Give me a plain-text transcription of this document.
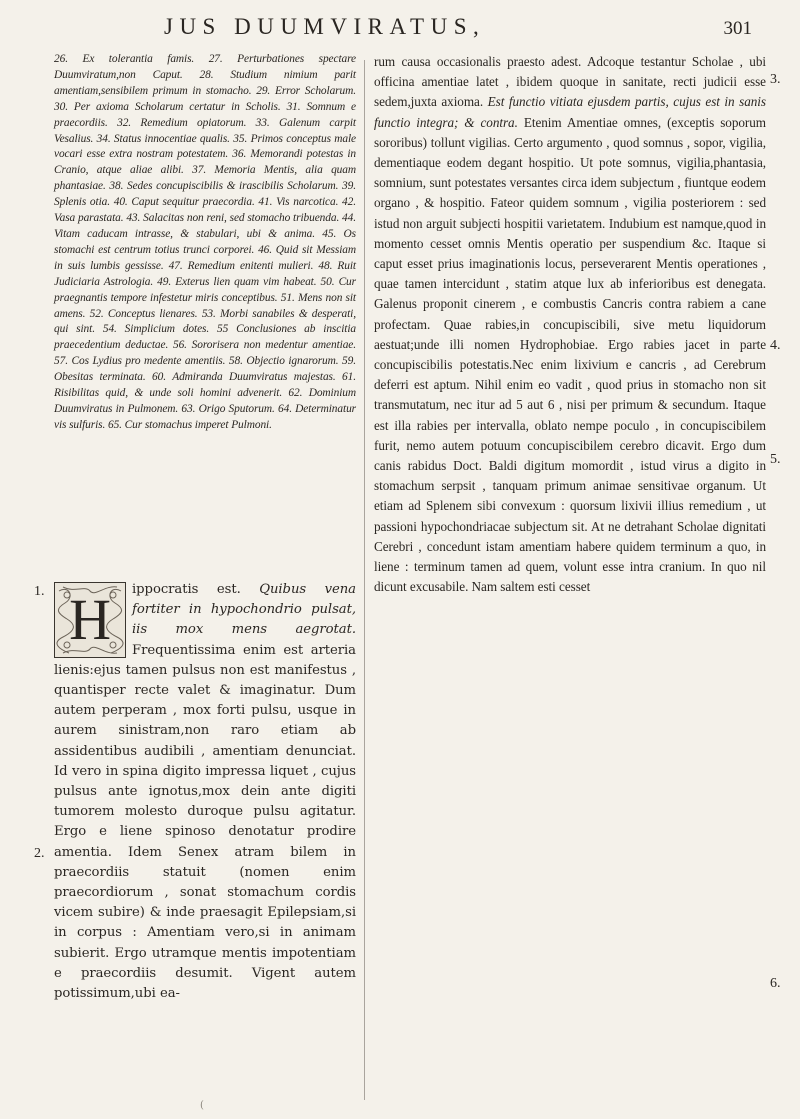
JUS DUUMVIRATUS,	301

26. Ex tolerantia famis. 27. Perturbationes spectare Duumviratum,non Caput. 28. Studium nimium parit amentiam,sensibilem primum in stomacho. 29. Error Scholarum. 30. Per axioma Scholarum certatur in Scholis. 31. Somnum e praecordiis. 32. Remedium opiatorum. 33. Galenum carpit Vesalius. 34. Status innocentiae qualis. 35. Primos conceptus male vocari esse extra nostram potestatem. 36. Memorandi potestas in Cranio, atque aliae alibi. 37. Memoria Mentis, alia quam phantasiae. 38. Sedes concupiscibilis & irascibilis Scholarum. 39. Splenis otia. 40. Caput sequitur praecordia. 41. Vis narcotica. 42. Vasa parastata. 43. Salacitas non reni, sed stomacho tribuenda. 44. Vitam caducam intrasse, & stabulari, ubi & anima. 45. Os stomachi est centrum totius trunci corporei. 46. Quid sit Messiam in suis lumbis gessisse. 47. Remedium enitenti mulieri. 48. Ruit Judiciaria Astrologia. 49. Exterus lien quam vim habeat. 50. Cur praegnantis tempore infestetur miris conceptibus. 51. Mens non sit amens. 52. Conceptus lienares. 53. Morbi sanabiles & desperati, qui sint. 54. Simplicium dotes. 55 Conclusiones ab inscitia praecedentium deductae. 56. Sororisera non medentur amentiae. 57. Cos Lydius pro medente amentiis. 58. Objectio ignarorum. 59. Obesitas terminata. 60. Admiranda Duumviratus majestas. 61. Risibilitas quid, & unde soli homini advenerit. 62. Dominium Duumviratus in Pulmonem. 63. Origo Sputorum. 64. Determinatur vis sulfuris. 65. Cur stomachus imperet Pulmoni.

1.
2.
H	ippocratis est. Quibus vena fortiter in hypochondrio pulsat, iis mox mens aegrotat. Frequentissima enim est arteria lienis:ejus tamen pulsus non est manifestus , quantisper recte valet & imaginatur. Dum autem perperam , mox forti pulsu, usque in aurem sinistram,non raro etiam ab assidentibus audibili , amentiam denunciat. Id vero in spina digito impressa liquet , cujus pulsus ante ignotus,mox dein ante digiti tumorem molesto duroque pulsu agitatur. Ergo e liene spinoso denotatur prodire amentia. Idem Senex atram bilem in praecordiis statuit (nomen enim praecordiorum , sonat stomachum cordis vicem subire) & inde praesagit Epilepsiam,si in corpus : Amentiam vero,si in animam subierit. Ergo utramque mentis impotentiam e praecordiis desumit. Vigent autem potissimum,ubi ea-
3.
4.
5.
6.

rum causa occasionalis praesto adest. Adcoque testantur Scholae , ubi officina amentiae latet , ibidem quoque in sanitate, recti judicii esse sedem,juxta axioma. Est functio vitiata ejusdem partis, cujus est in sanis functio integra; & contra. Etenim Amentiae omnes, (exceptis soporum sororibus) tollunt vigilias. Certo argumento , quod somnus , sopor, vigilia, dementiaque eodem degant hospitio. Ut pote somnus, vigilia,phantasia, somnium, sunt potestates versantes circa idem subjectum , fiuntque eodem organo , & hospitio. Fateor quidem somnum , vigilia posteriorem : sed istud non arguit subjecti hospitii varietatem. Indubium est namque,quod in momento cesset omnis Mentis operatio per suspendium &c. Itaque si caput esset prius imaginationis locus, perseverarent Mentis operationes , quae tamen intercidunt , statim atque lux ab inferioribus est denegata. Galenus proponit cinerem , e combustis Cancris contra rabiem a cane profectam. Quae rabies,in concupiscibili, sive metu liquidorum aestuat;unde illi nomen Hydrophobiae. Ergo rabies jacet in parte concupiscibilis potestatis.Nec enim lixivium e cancris , ad Cerebrum deferri est aptum. Nihil enim eo vadit , quod prius in stomacho non sit transmutatum, nec itur ad 5 aut 6 , nisi per primum & secundum. Itaque est illa rabies per intervalla, oblato nempe poculo , in concupiscibilem furit, nemo autem potuum concupiscibilem cerebro dicavit. Ergo dum canis rabidus Doct. Baldi digitum momordit , istud virus a digito in stomachum serpsit , tanquam primum animae sensitivae organum. Ut etiam ad Splenem sibi convexum : quorsum lixivii illius remedium , ut passioni hypochondriacae subjectum sit. At ne detrahant Scholae dignitati Cerebri , concedunt istam amentiam habere quidem terminum a quo, in liene : terminum tamen ad quem, volunt esse intra cranium. In quo nil dicunt excusabile. Nam saltem esti cesset

(
